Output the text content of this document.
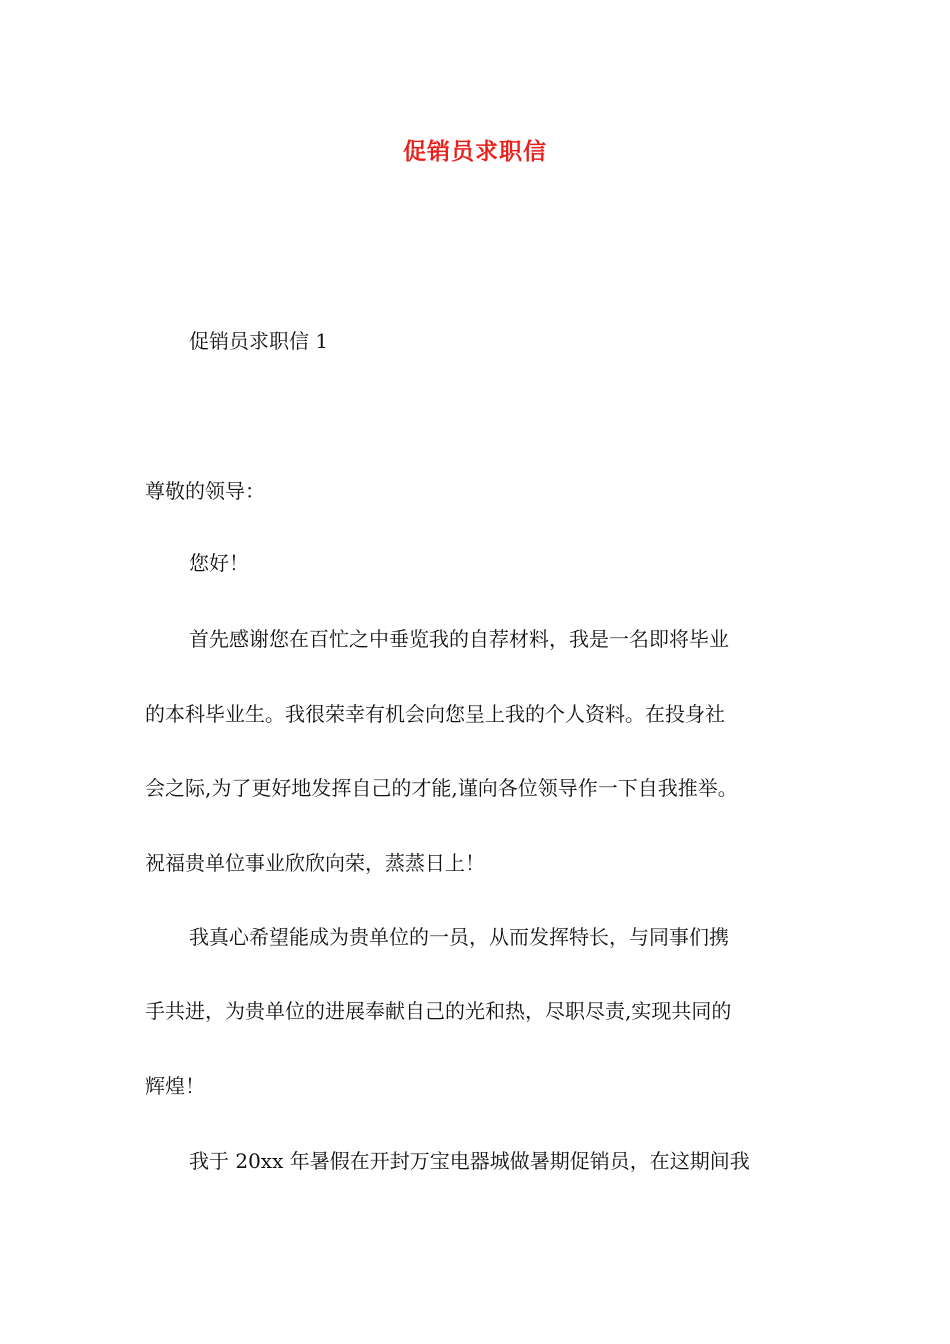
促销员求职信
促销员求职信 1
尊敬的领导：
您好！
首先感谢您在百忙之中垂览我的自荐材料，我是一名即将毕业
的本科毕业生。我很荣幸有机会向您呈上我的个人资料。在投身社
会之际,为了更好地发挥自己的才能,谨向各位领导作一下自我推举。
祝福贵单位事业欣欣向荣，蒸蒸日上！
我真心希望能成为贵单位的一员，从而发挥特长，与同事们携
手共进，为贵单位的进展奉献自己的光和热，尽职尽责,实现共同的
辉煌！
我于 20xx 年暑假在开封万宝电器城做暑期促销员，在这期间我
